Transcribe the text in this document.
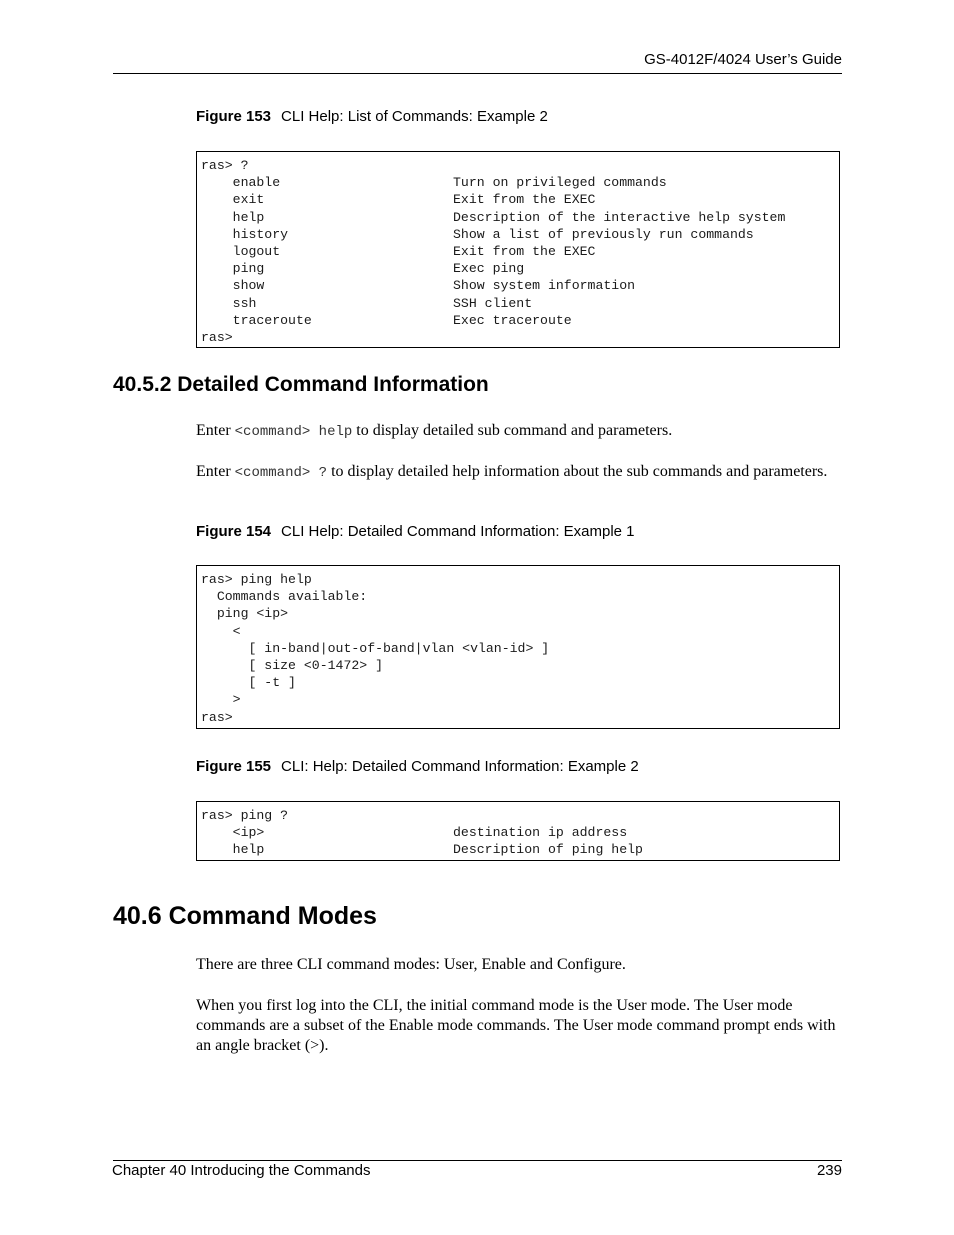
GS-4012F/4024 User’s Guide
Figure 153 CLI Help: List of Commands: Example 2
ras> ?
enable	Turn on privileged commands
exit	Exit from the EXEC
help	Description of the interactive help system
history	Show a list of previously run commands
logout	Exit from the EXEC
ping	Exec ping
show	Show system information
ssh	SSH client
traceroute	Exec traceroute
ras>
40.5.2 Detailed Command Information
Enter <command> help to display detailed sub command and parameters.
Enter <command> ? to display detailed help information about the sub commands and parameters.
Figure 154 CLI Help: Detailed Command Information: Example 1
ras> ping help
Commands available:
ping <ip>
<
[ in-band|out-of-band|vlan <vlan-id> ]
[ size <0-1472> ]
[ -t ]
>
ras>
Figure 155 CLI: Help: Detailed Command Information: Example 2
ras> ping ?
<ip>	destination ip address
help	Description of ping help
40.6 Command Modes
There are three CLI command modes: User, Enable and Configure.
When you first log into the CLI, the initial command mode is the User mode. The User mode commands are a subset of the Enable mode commands. The User mode command prompt ends with an angle bracket (>).
Chapter 40 Introducing the Commands	239
